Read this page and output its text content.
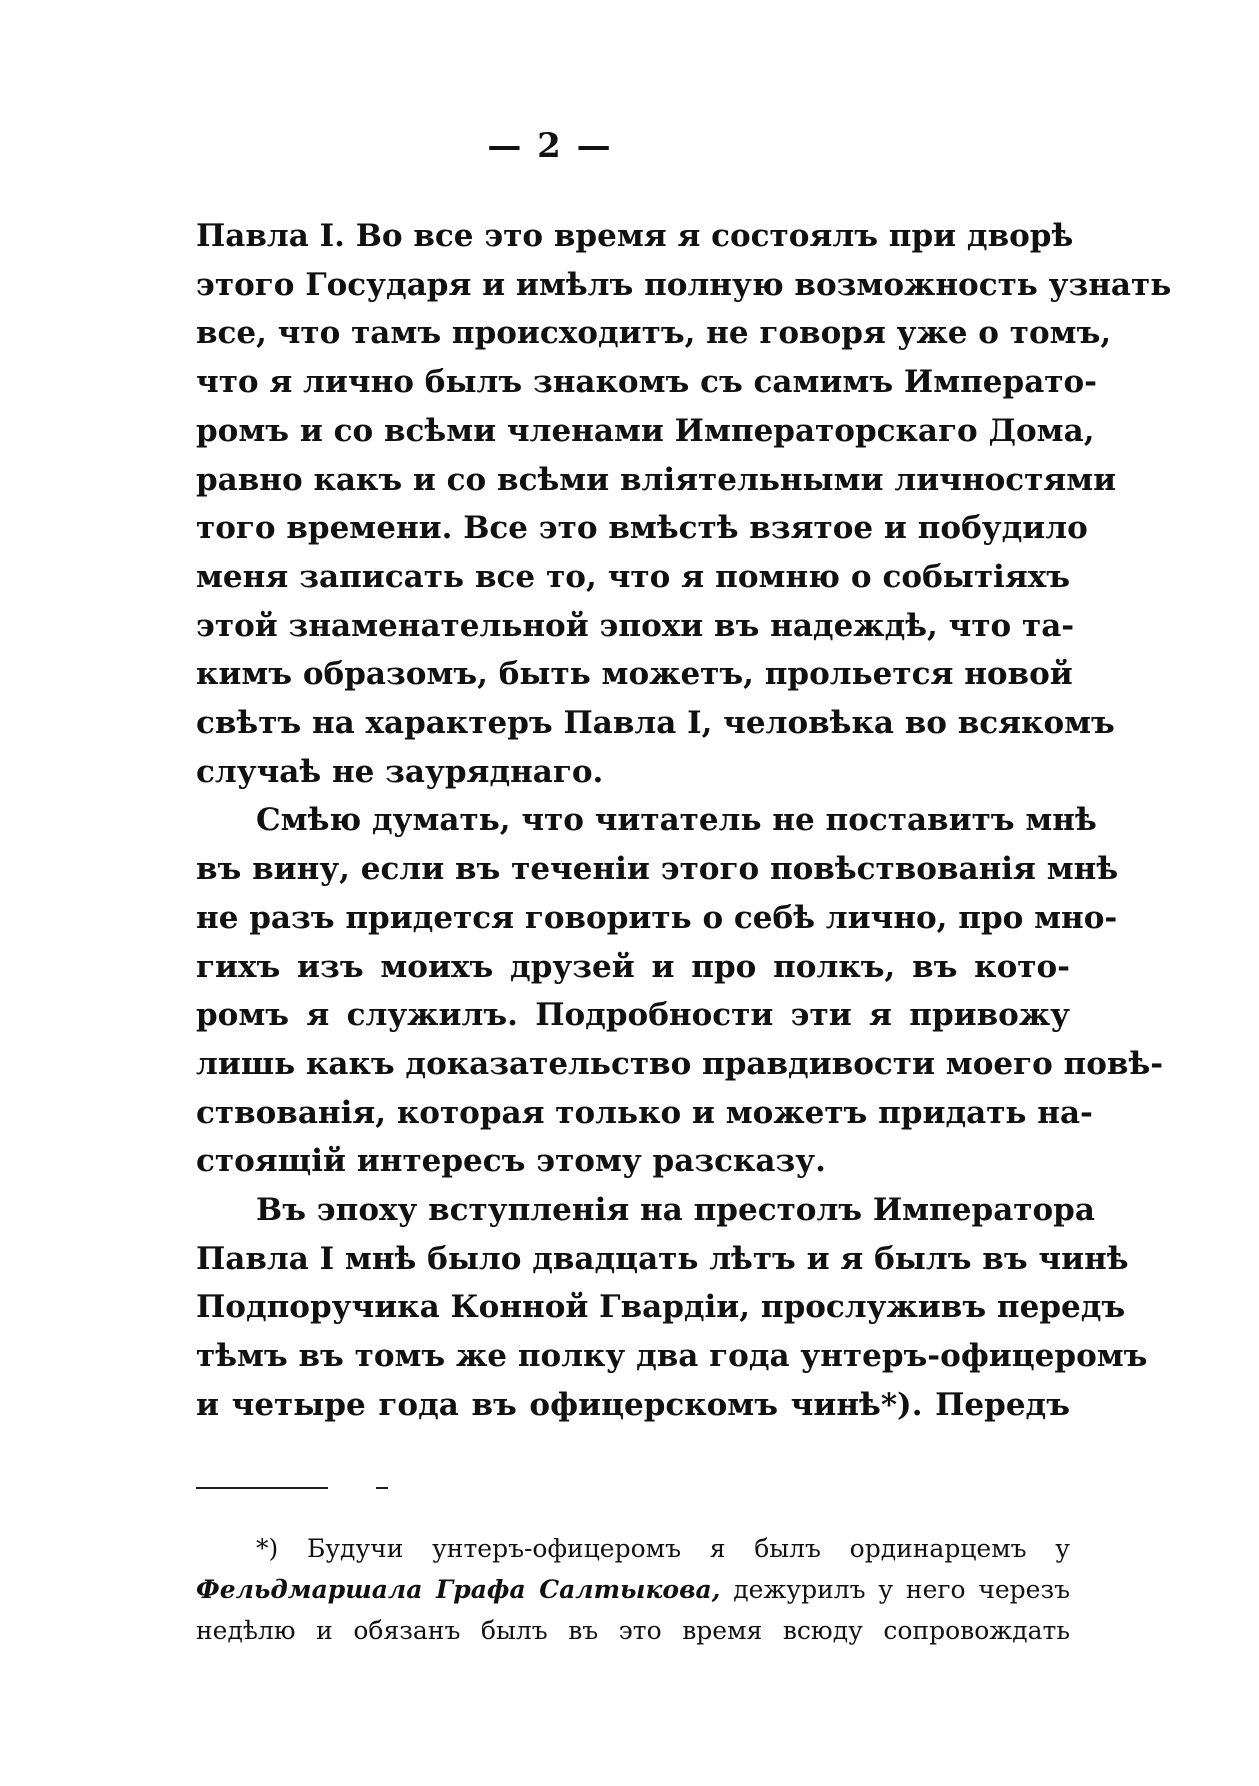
— 2 —

Павла I. Во все это время я состоялъ при дворѣ
этого Государя и имѣлъ полную возможность узнать
все, что тамъ происходитъ, не говоря уже о томъ,
что я лично былъ знакомъ съ самимъ Императо-
ромъ и со всѣми членами Императорскаго Дома,
равно какъ и со всѣми вліятельными личностями
того времени. Все это вмѣстѣ взятое и побудило
меня записать все то, что я помню о событіяхъ
этой знаменательной эпохи въ надеждѣ, что та-
кимъ образомъ, быть можетъ, прольется новой
свѣтъ на характеръ Павла I, человѣка во всякомъ
случаѣ не зауряднаго.

Смѣю думать, что читатель не поставитъ мнѣ
въ вину, если въ теченіи этого повѣствованія мнѣ
не разъ придется говорить о себѣ лично, про мно-
гихъ изъ моихъ друзей и про полкъ, въ кото-
ромъ я служилъ. Подробности эти я привожу
лишь какъ доказательство правдивости моего повѣ-
ствованія, которая только и можетъ придать на-
стоящій интересъ этому разсказу.

Въ эпоху вступленія на престолъ Императора
Павла I мнѣ было двадцать лѣтъ и я былъ въ чинѣ
Подпоручика Конной Гвардіи, прослуживъ передъ
тѣмъ въ томъ же полку два года унтеръ-офицеромъ
и четыре года въ офицерскомъ чинѣ*). Передъ

*) Будучи унтеръ-офицеромъ я былъ ординарцемъ у
Фельдмаршала Графа Салтыкова, дежурилъ у него черезъ
недѣлю и обязанъ былъ въ это время всюду сопровождать
